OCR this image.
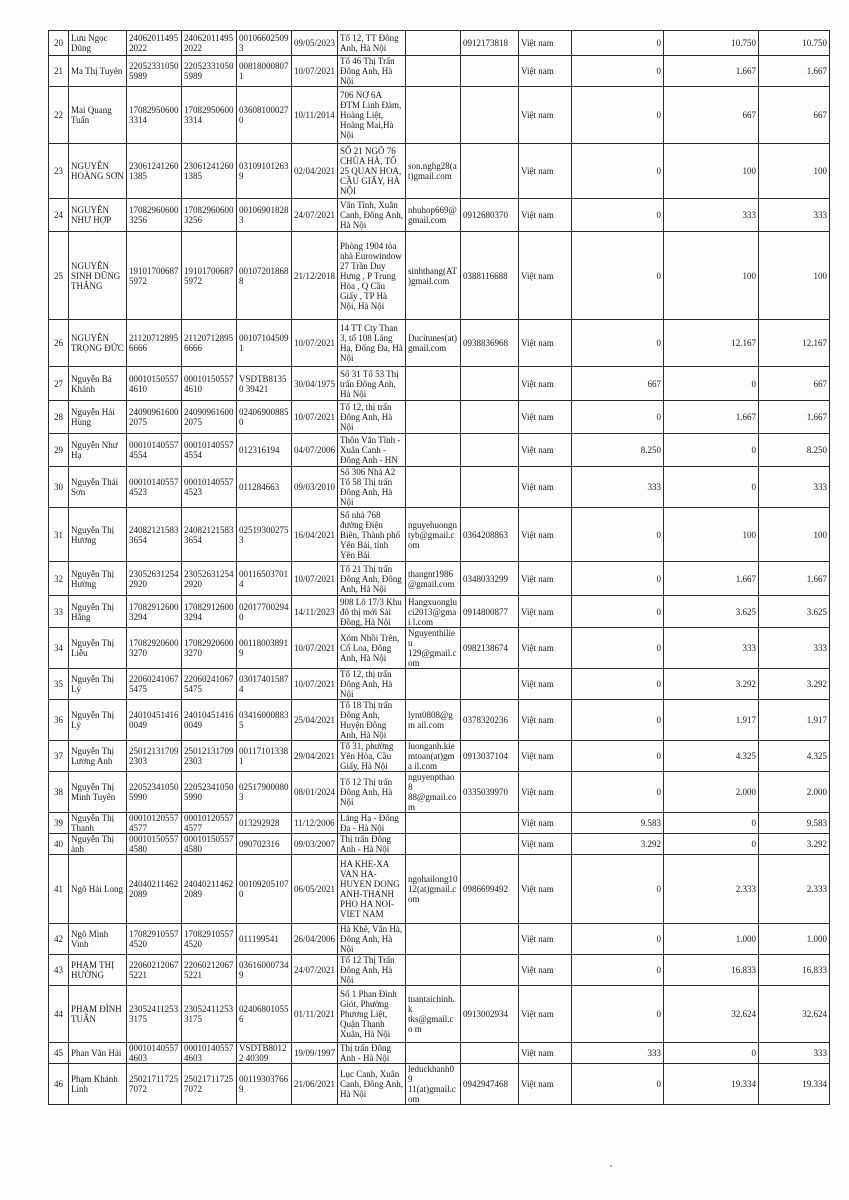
20	Lưu Ngọc Dũng	24062011495 2022	24062011495 2022	00106602509 3	09/05/2023	Tổ 12, TT Đông Anh, Hà Nội		0912173818	Việt nam	0	10.750	10.750
21	Ma Thị Tuyên	22052331050 5989	22052331050 5989	00818000807 1	10/07/2021	Tổ 46 Thị Trấn Đông Anh, Hà Nội			Việt nam	0	1.667	1.667
22	Mai Quang Tuấn	17082950600 3314	17082950600 3314	03608100027 0	10/11/2014	706 NƠ 6A ĐTM Linh Đàm, Hoàng Liệt, Hoàng Mai,Hà Nội			Việt nam	0	667	667
23	NGUYỄN HOÀNG SƠN	23061241260 1385	23061241260 1385	03109101263 9	02/04/2021	SỐ 21 NGÕ 76 CHÙA HÀ, TỔ 25 QUAN HOA, CẦU GIẤY, HÀ NỘI	son.nghg28(at)gmail.com		Việt nam	0	100	100
24	NGUYỄN NHƯ HỢP	17082960600 3256	17082960600 3256	00106901828 3	24/07/2021	Văn Tinh, Xuân Canh, Đông Anh, Hà Nội	nhuhop669@gmail.com	0912680370	Việt nam	0	333	333
25	NGUYỄN SINH DŨNG THẮNG	19101700687 5972	19101700687 5972	00107201868 8	21/12/2018	Phòng 1904 tòa nhà Eurowindow 27 Trần Duy Hưng , P Trung Hòa , Q Cầu Giấy , TP Hà Nội, Hà Nội	sinhthang(AT)gmail.com	0388116688	Việt nam	0	100	100
26	NGUYỄN TRỌNG ĐỨC	21120712895 6666	21120712895 6666	00107104509 1	10/07/2021	14 TT Cty Than 3, tổ 108 Láng Hạ, Đống Đa, Hà Nội	Ducitunes(at)gmail.com	0938836968	Việt nam	0	12.167	12.167
27	Nguyễn Bá Khánh	00010150557 4610	00010150557 4610	VSDTB81350 39421	30/04/1975	Số 31 Tổ 53 Thị trấn Đông Anh, Hà Nội			Việt nam	667	0	667
28	Nguyễn Hải Hùng	24090961600 2075	24090961600 2075	02406900885 0	10/07/2021	Tổ 12, thị trấn Đông Anh, Hà Nội			Việt nam	0	1.667	1.667
29	Nguyễn Như Hạ	00010140557 4554	00010140557 4554	012316194	04/07/2006	Thôn Văn Tĩnh - Xuân Canh - Đông Anh - HN			Việt nam	8.250	0	8.250
30	Nguyễn Thái Sơn	00010140557 4523	00010140557 4523	011284663	09/03/2010	Số 306 Nhà A2 Tổ 58 Thị trấn Đông Anh, Hà Nội			Việt nam	333	0	333
31	Nguyễn Thị Hương	24082121583 3654	24082121583 3654	02519300275 3	16/04/2021	Số nhà 768 đường Điện Biên, Thành phố Yên Bái, tỉnh Yên Bái	nguyehuongntyb@gmail.com	0364208863	Việt nam	0	100	100
32	Nguyễn Thị Hường	23052631254 2920	23052631254 2920	00116503701 4	10/07/2021	Tổ 21 Thị trấn Đông Anh, Đông Anh, Hà Nội	thangnt1986 @gmail.com	0348033299	Việt nam	0	1.667	1.667
33	Nguyễn Thị Hằng	17082912600 3294	17082912600 3294	02017700294 0	14/11/2023	908 Lô 17/3 Khu đô thị mới Sài Đồng, Hà Nội	Hangxuonglu ci2013@gmai l.com	0914800877	Việt nam	0	3.625	3.625
34	Nguyễn Thị Liễu	17082920600 3270	17082920600 3270	00118003891 9	10/07/2021	Xóm Nhồi Trên, Cổ Loa, Đông Anh, Hà Nội	Nguyenthilieu 129@gmail.c om	0982138674	Việt nam	0	333	333
35	Nguyễn Thị Lý	22060241067 5475	22060241067 5475	03017401587 4	10/07/2021	Tổ 12, thị trấn Đông Anh, Hà Nội			Việt nam	0	3.292	3.292
36	Nguyễn Thị Lý	24010451416 0049	24010451416 0049	03416000883 5	25/04/2021	Tổ 18 Thị trấn Đông Anh, Huyện Đông Anh, Hà Nội	lynt0808@gm ail.com	0378320236	Việt nam	0	1.917	1.917
37	Nguyễn Thị Lương Anh	25012131709 2303	25012131709 2303	00117101338 1	29/04/2021	Tổ 31, phường Yên Hòa, Cầu Giấy, Hà Nội	luonganh.kie mtoan(at)gma il.com	0913037104	Việt nam	0	4.325	4.325
38	Nguyễn Thị Minh Tuyên	22052341050 5990	22052341050 5990	02517900080 3	08/01/2024	Tổ 12 Thị trấn Đông Anh, Hà Nội	nguyenpthao8 88@gmail.co m	0335039970	Việt nam	0	2.000	2.000
39	Nguyễn Thị Thanh	00010120557 4577	00010120557 4577	013292928	11/12/2006	Láng Hạ - Đống Đa - Hà Nội			Việt nam	9.583	0	9.583
40	Nguyễn Thị ảnh	00010150557 4580	00010150557 4580	090702316	09/03/2007	Thị trấn Đông Anh - Hà Nội			Việt nam	3.292	0	3.292
41	Ngô Hải Long	24040211462 2089	24040211462 2089	00109205107 0	06/05/2021	HA KHE-XA VAN HA-HUYEN DONG ANH-THANH PHO HA NOI-VIET NAM	ngohailong10 12(at)gmail.c om	0986699492	Việt nam	0	2.333	2.333
42	Ngô Minh Vinh	17082910557 4520	17082910557 4520	011199541	26/04/2006	Hà Khê, Vân Hà, Đông Anh, Hà Nội			Việt nam	0	1.000	1.000
43	PHẠM THỊ HƯỜNG	22060212067 5221	22060212067 5221	03616000734 9	24/07/2021	Tổ 12 Thị Trấn Đông Anh, Hà Nội			Việt nam	0	16.833	16.833
44	PHẠM ĐÌNH TUẤN	23052411253 3175	23052411253 3175	02406801055 6	01/11/2021	Số 1 Phan Đình Giót, Phường Phương Liệt, Quận Thanh Xuân, Hà Nội	tuantaichinh.k tks@gmail.co m	0913002934	Việt nam	0	32.624	32.624
45	Phan Văn Hải	00010140557 4603	00010140557 4603	VSDTB80122 40309	19/09/1997	Thị trấn Đông Anh - Hà Nội			Việt nam	333	0	333
46	Phạm Khánh Linh	25021711725 7072	25021711725 7072	00119303766 9	21/06/2021	Lục Canh, Xuân Canh, Đông Anh, Hà Nội	leduckhanh09 11(at)gmail.c om	0942947468	Việt nam	0	19.334	19.334
